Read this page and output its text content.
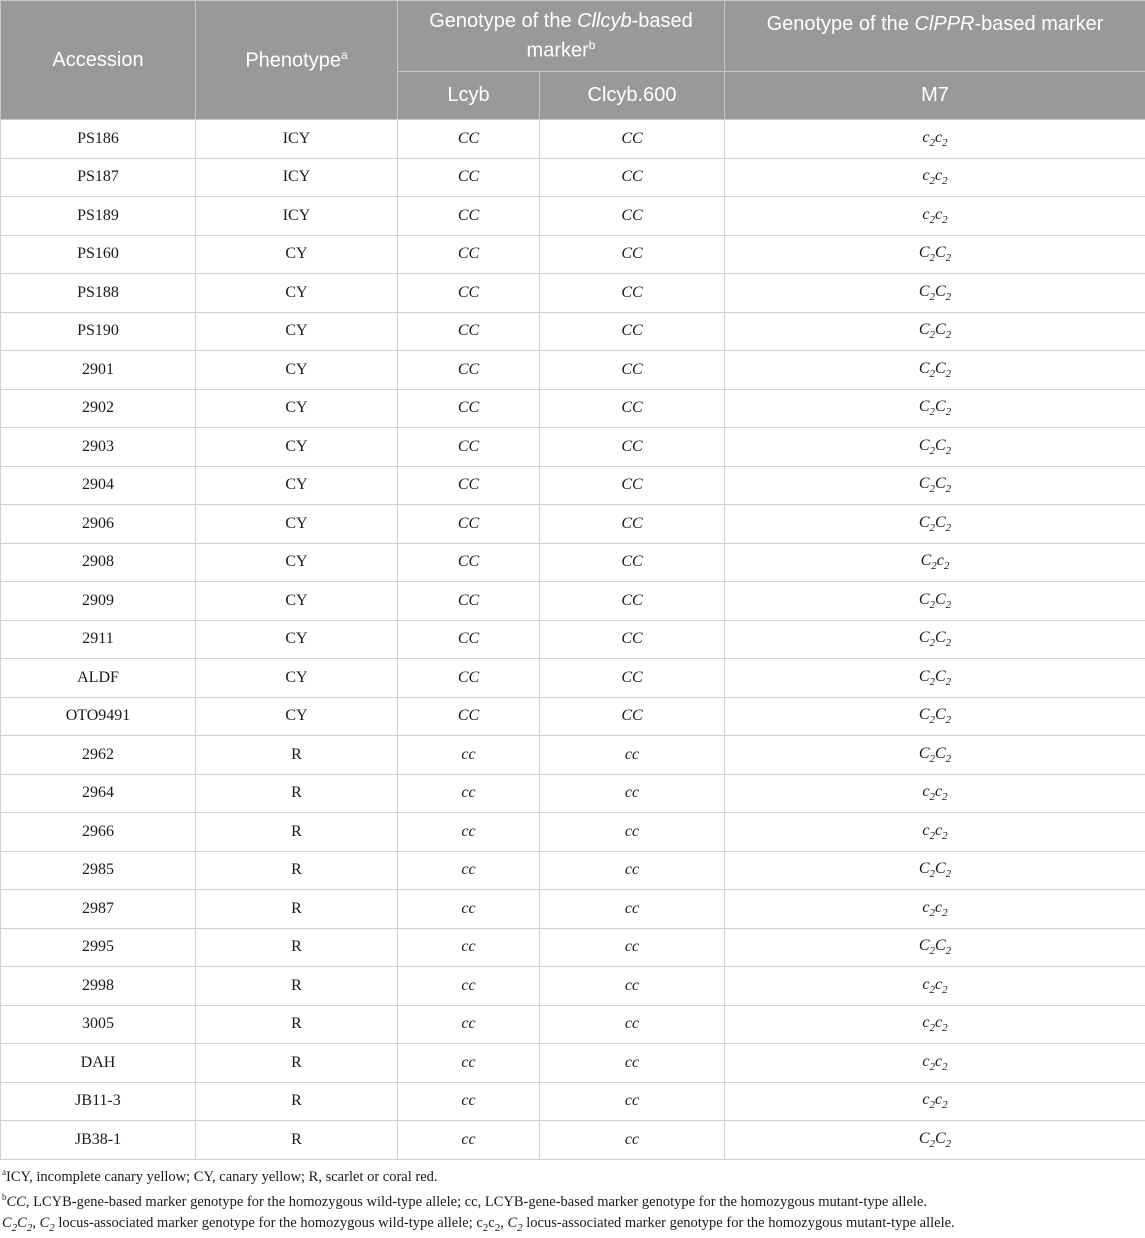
Accession	Phenotype$^a$	Genotype of the Cllcyb-based marker$^b$		Genotype of the ClPPR-based marker
		Lcyb	Clcyb.600	M7
PS186	ICY	CC	CC	$c_2c_2$
PS187	ICY	CC	CC	$c_2c_2$
PS189	ICY	CC	CC	$c_2c_2$
PS160	CY	CC	CC	$C_2C_2$
PS188	CY	CC	CC	$C_2C_2$
PS190	CY	CC	CC	$C_2C_2$
2901	CY	CC	CC	$C_2C_2$
2902	CY	CC	CC	$C_2C_2$
2903	CY	CC	CC	$C_2C_2$
2904	CY	CC	CC	$C_2C_2$
2906	CY	CC	CC	$C_2C_2$
2908	CY	CC	CC	$C_2c_2$
2909	CY	CC	CC	$C_2C_2$
2911	CY	CC	CC	$C_2C_2$
ALDF	CY	CC	CC	$C_2C_2$
OTO9491	CY	CC	CC	$C_2C_2$
2962	R	cc	cc	$C_2C_2$
2964	R	cc	cc	$c_2c_2$
2966	R	cc	cc	$c_2c_2$
2985	R	cc	cc	$C_2C_2$
2987	R	cc	cc	$c_2c_2$
2995	R	cc	cc	$C_2C_2$
2998	R	cc	cc	$c_2c_2$
3005	R	cc	cc	$c_2c_2$
DAH	R	cc	cc	$c_2c_2$
JB11-3	R	cc	cc	$c_2c_2$
JB38-1	R	cc	cc	$C_2C_2$

$^a$ICY, incomplete canary yellow; CY, canary yellow; R, scarlet or coral red.

$^b$CC, LCYB-gene-based marker genotype for the homozygous wild-type allele; cc, LCYB-gene-based marker genotype for the homozygous mutant-type allele.

$C_2C_2$, $C_2$ locus-associated marker genotype for the homozygous wild-type allele; $c_2c_2$, $C_2$ locus-associated marker genotype for the homozygous mutant-type allele.
